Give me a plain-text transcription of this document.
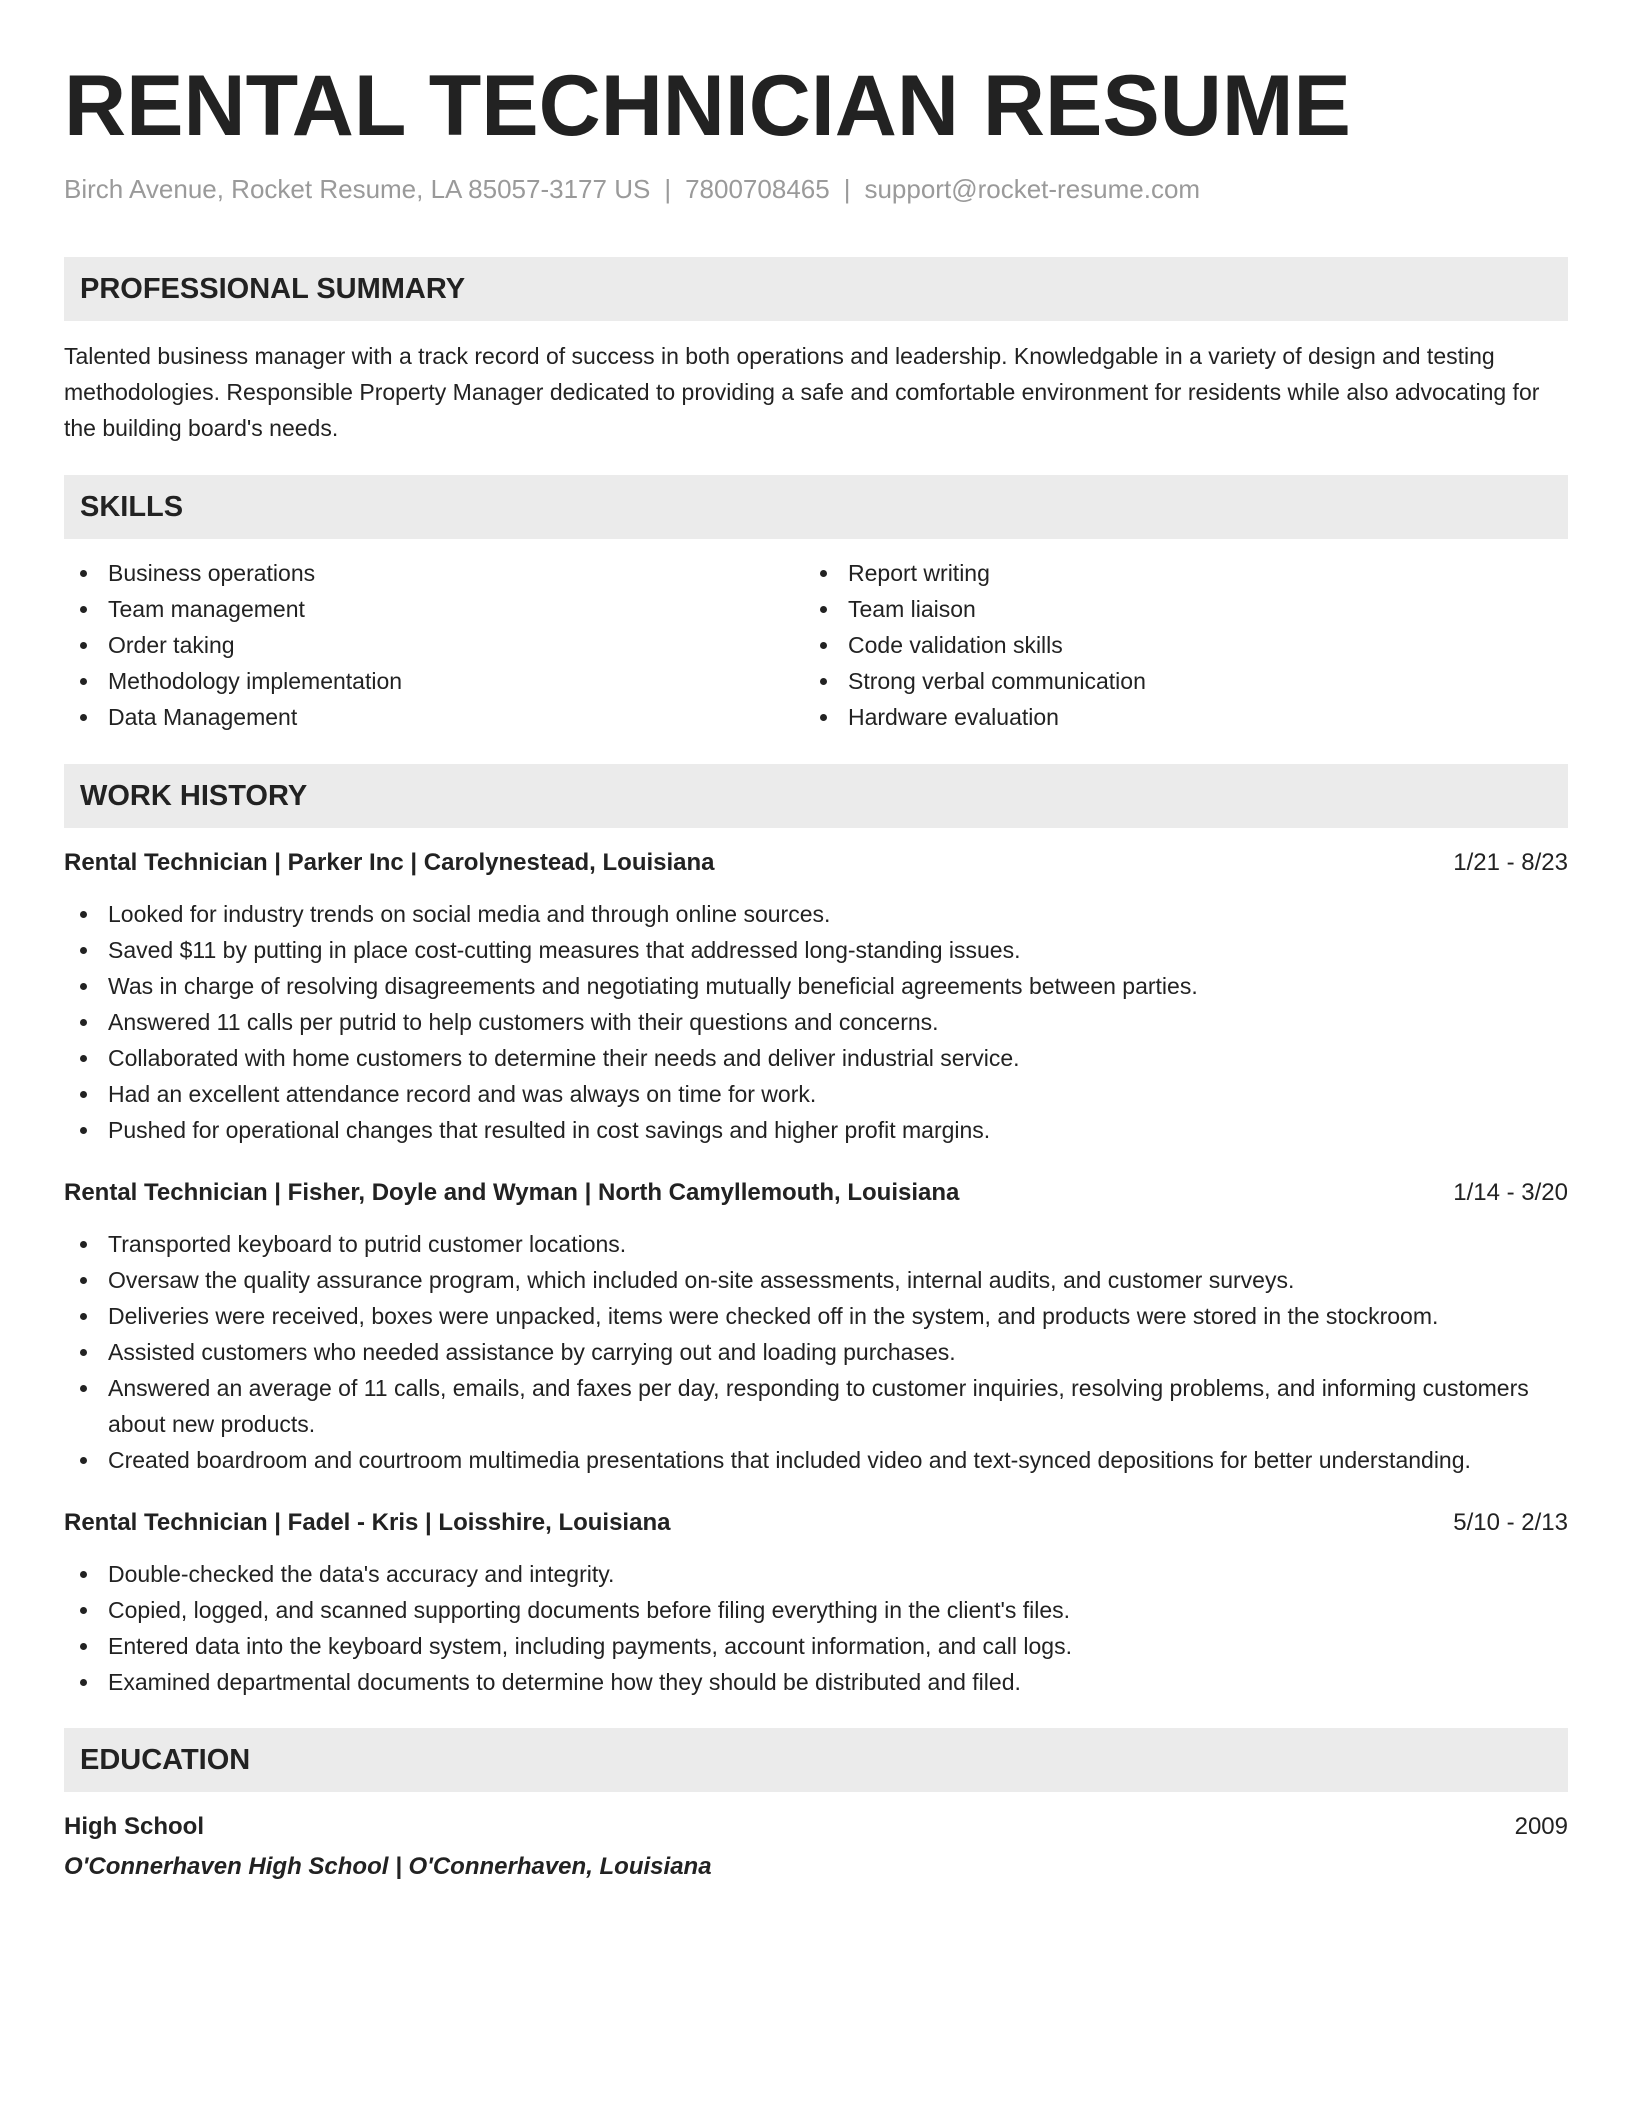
RENTAL TECHNICIAN RESUME
Birch Avenue, Rocket Resume, LA 85057-3177 US | 7800708465 | support@rocket-resume.com
PROFESSIONAL SUMMARY
Talented business manager with a track record of success in both operations and leadership. Knowledgable in a variety of design and testing methodologies. Responsible Property Manager dedicated to providing a safe and comfortable environment for residents while also advocating for the building board's needs.
SKILLS
Business operations
Team management
Order taking
Methodology implementation
Data Management
Report writing
Team liaison
Code validation skills
Strong verbal communication
Hardware evaluation
WORK HISTORY
Rental Technician | Parker Inc | Carolynestead, Louisiana	1/21 - 8/23
Looked for industry trends on social media and through online sources.
Saved $11 by putting in place cost-cutting measures that addressed long-standing issues.
Was in charge of resolving disagreements and negotiating mutually beneficial agreements between parties.
Answered 11 calls per putrid to help customers with their questions and concerns.
Collaborated with home customers to determine their needs and deliver industrial service.
Had an excellent attendance record and was always on time for work.
Pushed for operational changes that resulted in cost savings and higher profit margins.
Rental Technician | Fisher, Doyle and Wyman | North Camyllemouth, Louisiana	1/14 - 3/20
Transported keyboard to putrid customer locations.
Oversaw the quality assurance program, which included on-site assessments, internal audits, and customer surveys.
Deliveries were received, boxes were unpacked, items were checked off in the system, and products were stored in the stockroom.
Assisted customers who needed assistance by carrying out and loading purchases.
Answered an average of 11 calls, emails, and faxes per day, responding to customer inquiries, resolving problems, and informing customers about new products.
Created boardroom and courtroom multimedia presentations that included video and text-synced depositions for better understanding.
Rental Technician | Fadel - Kris | Loisshire, Louisiana	5/10 - 2/13
Double-checked the data's accuracy and integrity.
Copied, logged, and scanned supporting documents before filing everything in the client's files.
Entered data into the keyboard system, including payments, account information, and call logs.
Examined departmental documents to determine how they should be distributed and filed.
EDUCATION
High School	2009
O'Connerhaven High School | O'Connerhaven, Louisiana
